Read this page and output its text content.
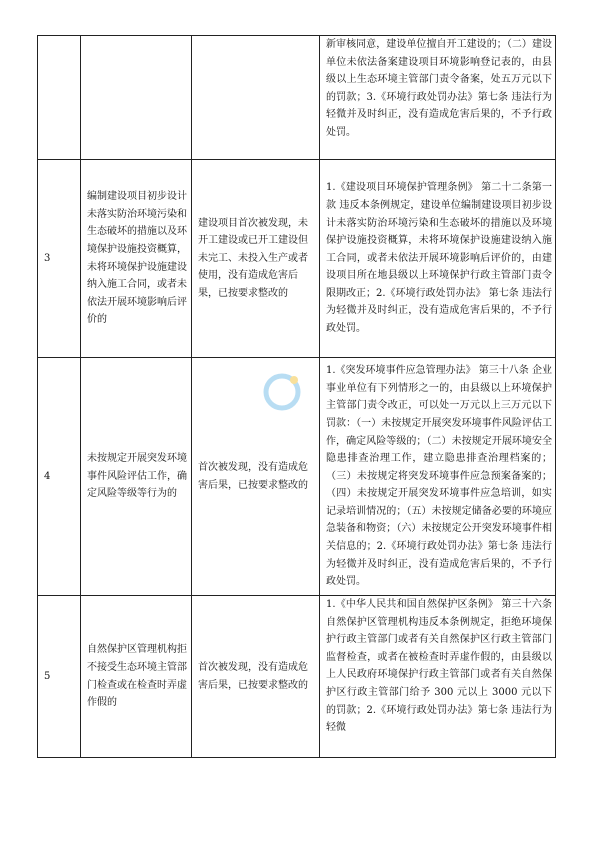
			新审核同意，建设单位擅自开工建设的；（二）建设单位未依法备案建设项目环境影响登记表的，由县级以上生态环境主管部门责令备案，处五万元以下的罚款；3.《环境行政处罚办法》第七条 违法行为轻微并及时纠正，没有造成危害后果的，不予行政处罚。
3	编制建设项目初步设计未落实防治环境污染和生态破坏的措施以及环境保护设施投资概算，未将环境保护设施建设纳入施工合同，或者未依法开展环境影响后评价的	建设项目首次被发现，未开工建设或已开工建设但未完工、未投入生产或者使用，没有造成危害后果，已按要求整改的	1.《建设项目环境保护管理条例》 第二十二条第一款 违反本条例规定，建设单位编制建设项目初步设计未落实防治环境污染和生态破坏的措施以及环境保护设施投资概算，未将环境保护设施建设纳入施工合同，或者未依法开展环境影响后评价的，由建设项目所在地县级以上环境保护行政主管部门责令限期改正；2.《环境行政处罚办法》 第七条 违法行为轻微并及时纠正，没有造成危害后果的，不予行政处罚。
4	未按规定开展突发环境事件风险评估工作，确定风险等级等行为的	首次被发现，没有造成危害后果，已按要求整改的	1.《突发环境事件应急管理办法》 第三十八条 企业事业单位有下列情形之一的，由县级以上环境保护主管部门责令改正，可以处一万元以上三万元以下罚款：（一）未按规定开展突发环境事件风险评估工作，确定风险等级的；（二）未按规定开展环境安全隐患排查治理工作，建立隐患排查治理档案的；（三）未按规定将突发环境事件应急预案备案的；（四）未按规定开展突发环境事件应急培训，如实记录培训情况的；（五）未按规定储备必要的环境应急装备和物资；（六）未按规定公开突发环境事件相关信息的；2.《环境行政处罚办法》第七条 违法行为轻微并及时纠正，没有造成危害后果的，不予行政处罚。
5	自然保护区管理机构拒不接受生态环境主管部门检查或在检查时弄虚作假的	首次被发现，没有造成危害后果，已按要求整改的	1.《中华人民共和国自然保护区条例》 第三十六条 自然保护区管理机构违反本条例规定，拒绝环境保护行政主管部门或者有关自然保护区行政主管部门监督检查，或者在被检查时弄虚作假的，由县级以上人民政府环境保护行政主管部门或者有关自然保护区行政主管部门给予 300 元以上 3000 元以下的罚款；2.《环境行政处罚办法》第七条 违法行为轻微
